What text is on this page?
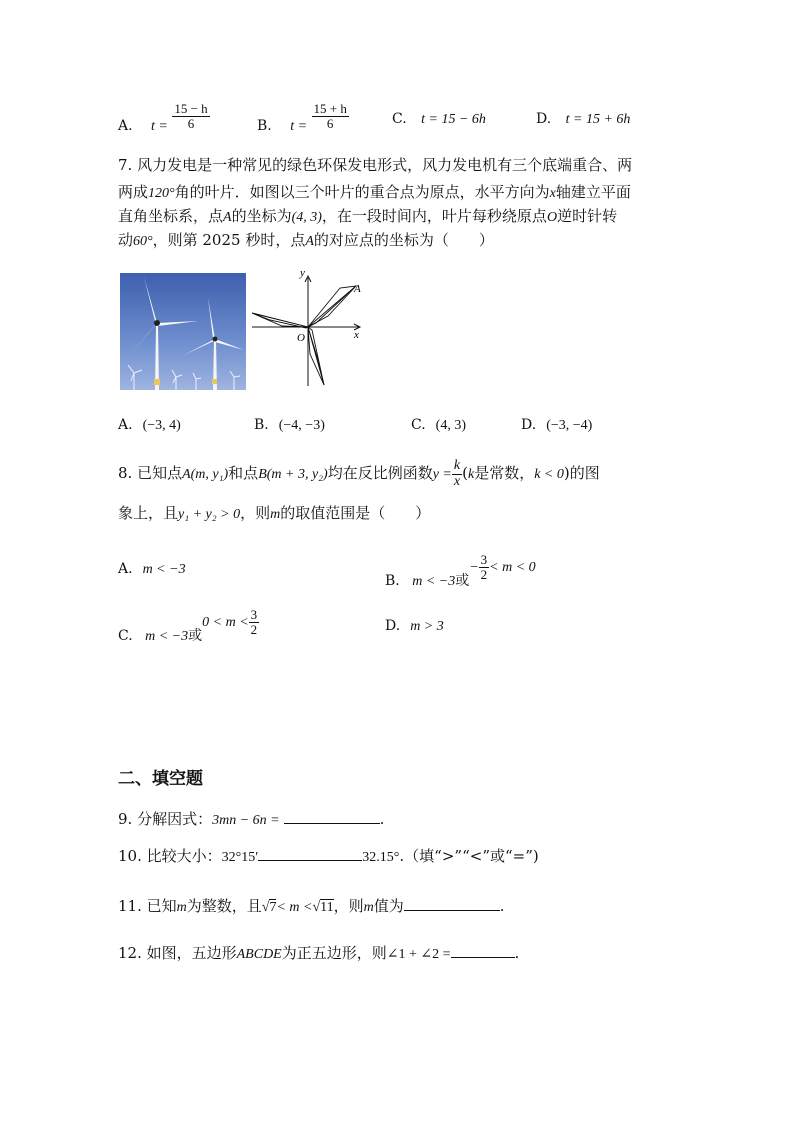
A. $t = \frac{15 - h}{6}$	B. $t = \frac{15 + h}{6}$	C. t = 15 − 6h	D. t = 15 + 6h
7. 风力发电是一种常见的绿色环保发电形式，风力发电机有三个底端重合、两
两成120°角的叶片．如图以三个叶片的重合点为原点，水平方向为x轴建立平面
直角坐标系，点A的坐标为(4, 3)，在一段时间内，叶片每秒绕原点O逆时针转
动60°，则第 2025 秒时，点A的对应点的坐标为（　　）
y
x
O
A
A. (−3, 4)	B. (−4, −3)	C. (4, 3)	D. (−3, −4)
8. 已知点A(m, y₁)和点B(m + 3, y₂)均在反比例函数$y = \frac{k}{x} (k$是常数，k < 0)的图
象上，且y₁ + y₂ > 0，则m的取值范围是（　　）
A. m < −3
B. m < −3或− $\frac{3}{2} < m < 0$
C. m < −3或$0 < m < \frac{3}{2}$	D. m > 3
二、填空题
9. 分解因式：3mn − 6n =	.
10. 比较大小：32°15′	32.15°.（填“>”“<”或“=”)
11. 已知m为整数，且√7< m <√11，则m值为	.
12. 如图，五边形ABCDE为正五边形，则∠1 + ∠2 =	.
